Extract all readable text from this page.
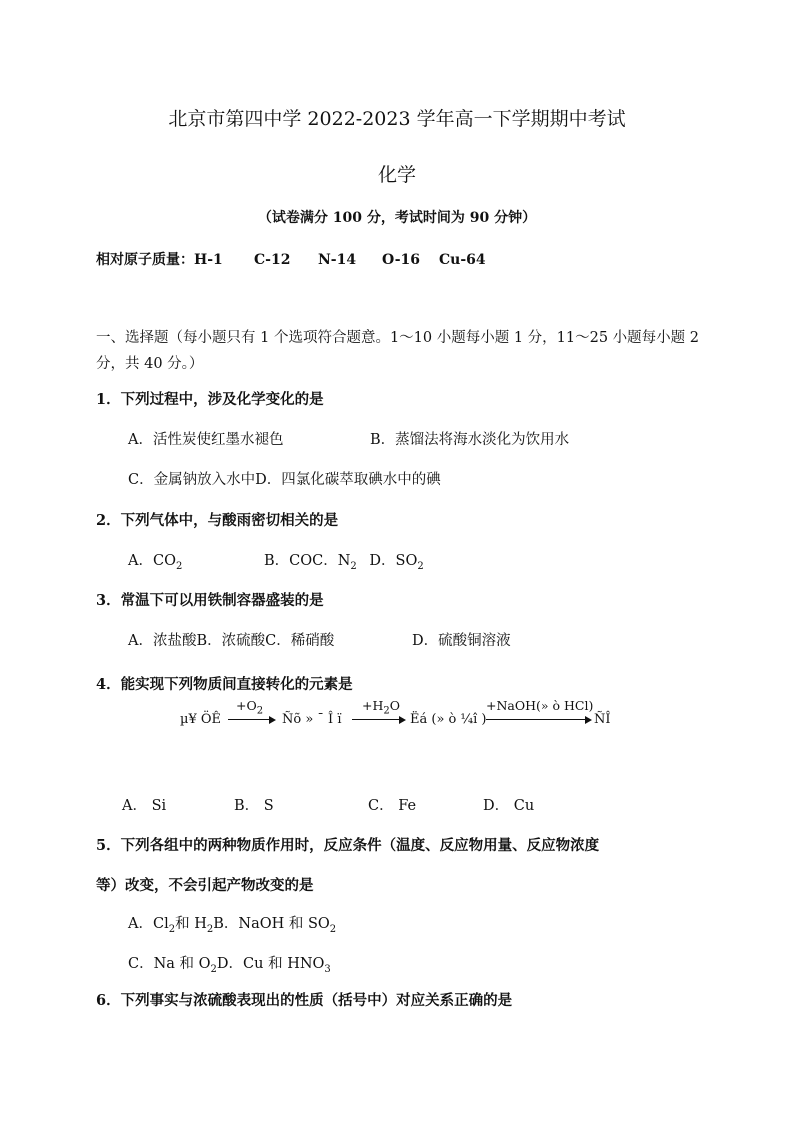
北京市第四中学 2022-2023 学年高一下学期期中考试
化学
（试卷满分 100 分，考试时间为 90 分钟）
相对原子质量：H-1 C-12 N-14 O-16 Cu-64
一、选择题（每小题只有 1 个选项符合题意。1～10 小题每小题 1 分，11～25 小题每小题 2 分，共 40 分。）
1．下列过程中，涉及化学变化的是
A．活性炭使红墨水褪色	B．蒸馏法将海水淡化为饮用水
C．金属钠放入水中D．四氯化碳萃取碘水中的碘
2．下列气体中，与酸雨密切相关的是
A．$CO_2$	B．COC．$N_2$ D．$SO_2$
3．常温下可以用铁制容器盛装的是
A．浓盐酸B．浓硫酸C．稀硝酸	D．硫酸铜溶液
4．能实现下列物质间直接转化的元素是
µ¥ ÖÊ
$+O_2$
→ Ñõ » ¯ Î ï
$+H_2O$
→ Ëá (» ò ¼î )
+NaOH(» ò HCl)
ÑÎ
A． Si	B． S	C． Fe	D． Cu
5．下列各组中的两种物质作用时，反应条件（温度、反应物用量、反应物浓度
等）改变，不会引起产物改变的是
A．$Cl_2$和 $H_2B$．NaOH 和 $SO_2$
C．Na 和 $O_2D$．Cu 和 $HNO_3$
6．下列事实与浓硫酸表现出的性质（括号中）对应关系正确的是
